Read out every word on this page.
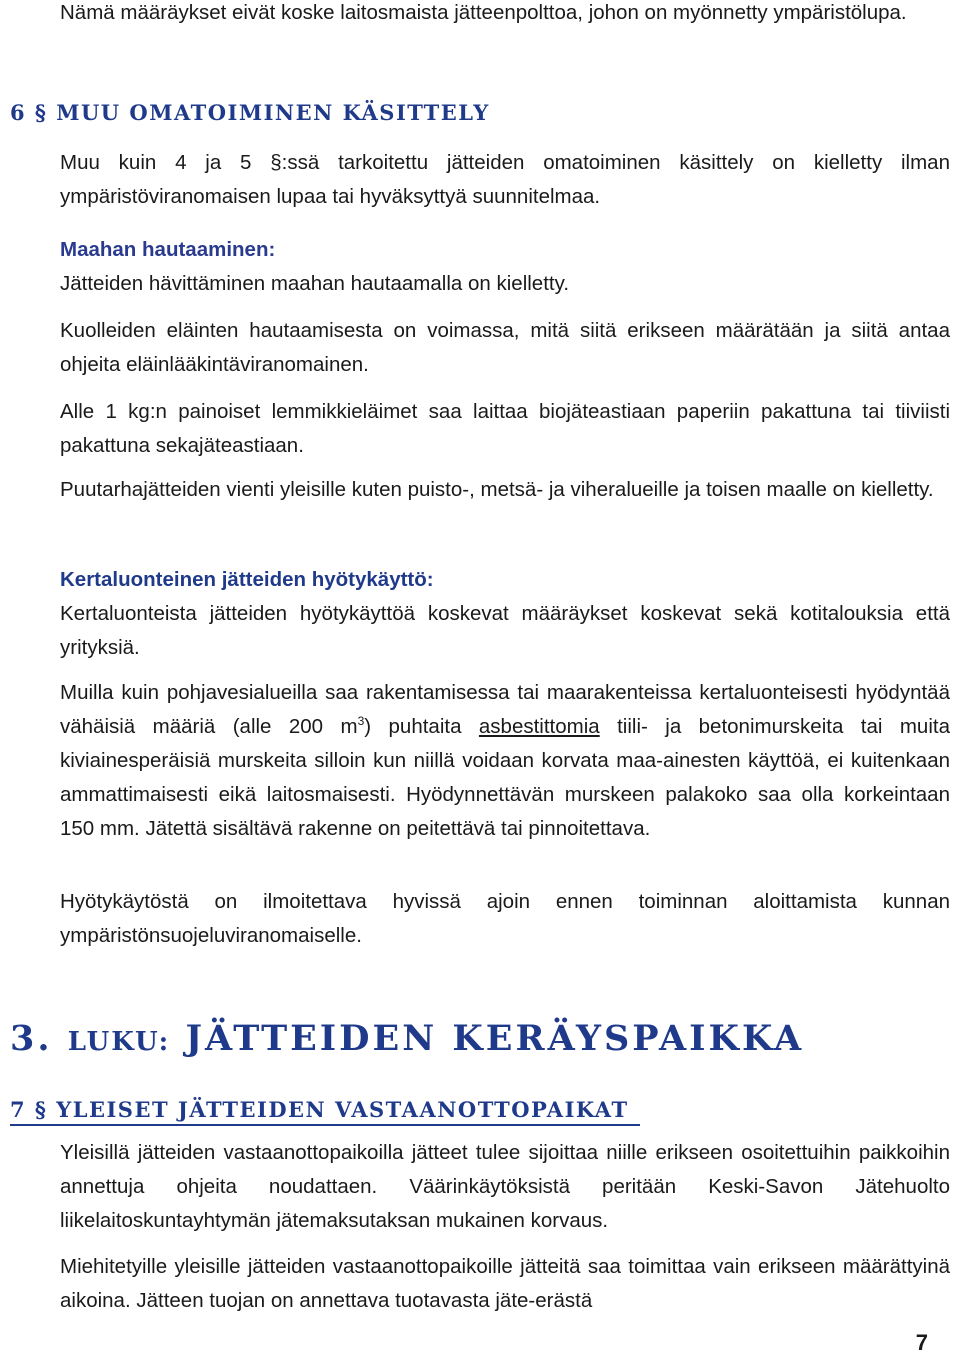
Nämä määräykset eivät koske laitosmaista jätteenpolttoa, johon on myönnetty ympäristölupa.

6 § MUU OMATOIMINEN KÄSITTELY

Muu kuin 4 ja 5 §:ssä tarkoitettu jätteiden omatoiminen käsittely on kielletty ilman ympäristöviranomaisen lupaa tai hyväksyttyä suunnitelmaa.

Maahan hautaaminen:
Jätteiden hävittäminen maahan hautaamalla on kielletty.

Kuolleiden eläinten hautaamisesta on voimassa, mitä siitä erikseen määrätään ja siitä antaa ohjeita eläinlääkintäviranomainen.

Alle 1 kg:n painoiset lemmikkieläimet saa laittaa biojäteastiaan paperiin pakattuna tai tiiviisti pakattuna sekajäteastiaan.

Puutarhajätteiden vienti yleisille kuten puisto-, metsä- ja viheralueille ja toisen maalle on kielletty.

Kertaluonteinen jätteiden hyötykäyttö:
Kertaluonteista jätteiden hyötykäyttöä koskevat määräykset koskevat sekä kotitalouksia että yrityksiä.

Muilla kuin pohjavesialueilla saa rakentamisessa tai maarakenteissa kertaluonteisesti hyödyntää vähäisiä määriä (alle 200 $m^3$) puhtaita asbestittomia tiili- ja betonimurskeita tai muita kiviainesperäisiä murskeita silloin kun niillä voidaan korvata maa-ainesten käyttöä, ei kuitenkaan ammattimaisesti eikä laitosmaisesti. Hyödynnettävän murskeen palakoko saa olla korkeintaan 150 mm. Jätettä sisältävä rakenne on peitettävä tai pinnoitettava.

Hyötykäytöstä on ilmoitettava hyvissä ajoin ennen toiminnan aloittamista kunnan ympäristönsuojeluviranomaiselle.

3. LUKU: JÄTTEIDEN KERÄYSPAIKKA
7 § YLEISET JÄTTEIDEN VASTAANOTTOPAIKAT

Yleisillä jätteiden vastaanottopaikoilla jätteet tulee sijoittaa niille erikseen osoitettuihin paikkoihin annettuja ohjeita noudattaen. Väärinkäytöksistä peritään Keski-Savon Jätehuolto liikelaitoskuntayhtymän jätemaksutaksan mukainen korvaus.

Miehitetyille yleisille jätteiden vastaanottopaikoille jätteitä saa toimittaa vain erikseen määrättyinä aikoina. Jätteen tuojan on annettava tuotavasta jäte-erästä

7
